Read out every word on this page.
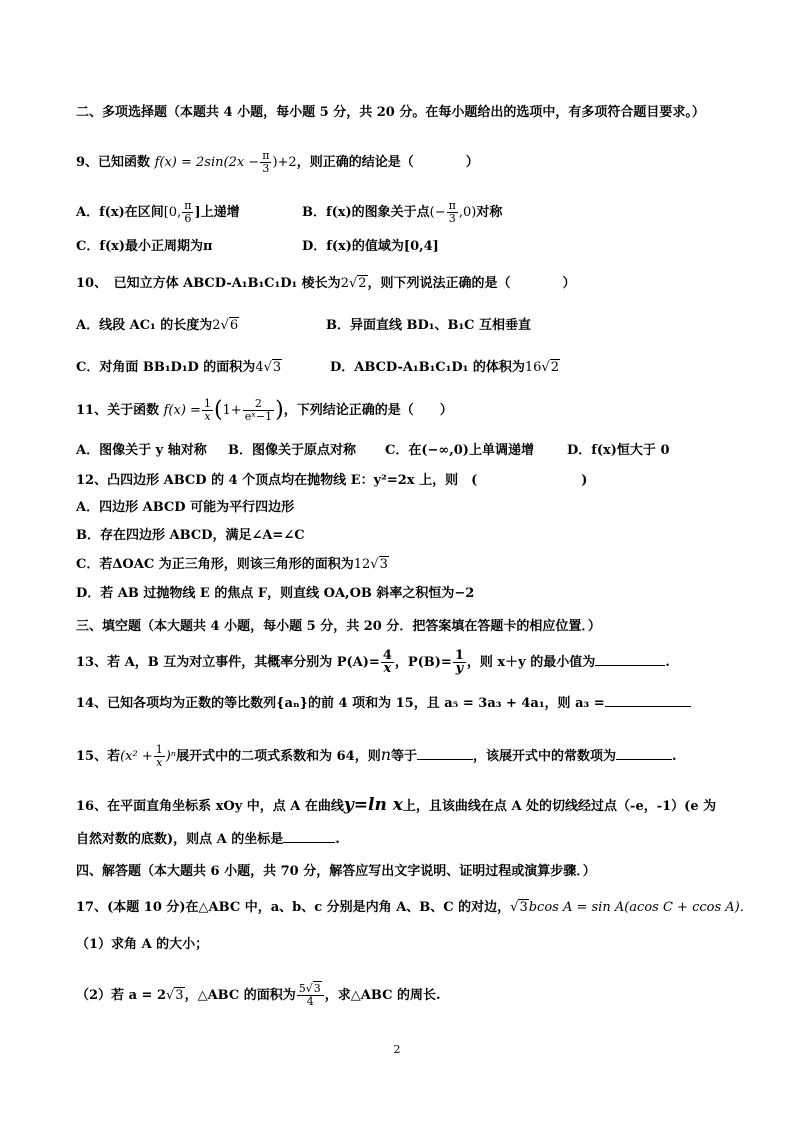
二、多项选择题（本题共 4 小题，每小题 5 分，共 20 分。在每小题给出的选项中，有多项符合题目要求。）
9、已知函数 $f(x) = 2\sin(2x - \frac{\pi}{3} )+2$，则正确的结论是（　　　　）
A．f(x)在区间[0, $\frac{\pi}{6}$ ]上递增	B．f(x)的图象关于点(− $\frac{\pi}{3} ,0$)对称
C．f(x)最小正周期为π	D．f(x)的值域为[0,4]
10、　已知立方体 ABCD-A₁B₁C₁D₁ 棱长为2√2，则下列说法正确的是（　　　　）
A．线段 AC₁ 的长度为2√6	B．异面直线 BD₁、B₁C 互相垂直
C．对角面 BB₁D₁D 的面积为4√3	D．ABCD-A₁B₁C₁D₁ 的体积为16√2
11、关于函数 $f(x) = \frac{1}{x} (1+ \frac{2}{\text{eˣ−1}}$ )，下列结论正确的是（　　）
A．图像关于 y 轴对称 B．图像关于原点对称 C．在(−∞,0)上单调递增	D．f(x)恒大于 0
12、凸四边形 ABCD 的 4 个顶点均在抛物线 E：y²=2x 上，则　(　　　　　　　　)
A．四边形 ABCD 可能为平行四边形
B．存在四边形 ABCD，满足∠A=∠C
C．若ΔOAC 为正三角形，则该三角形的面积为12√3
D．若 AB 过抛物线 E 的焦点 F，则直线 OA,OB 斜率之积恒为−2
三、填空题（本大题共 4 小题，每小题 5 分，共 20 分．把答案填在答题卡的相应位置．）
13、若 A，B 互为对立事件，其概率分别为 $P(A)= \frac{4}{x}$ ，$P(B)= \frac{1}{y}$ ，则 x＋y 的最小值为	.
14、已知各项均为正数的等比数列{aₙ}的前 4 项和为 15，且 a₅ = 3a₃ + 4a₁，则 a₃ =
15、若$(x^2 + \frac{1}{x} )^n$展开式中的二项式系数和为 64，则n等于	，该展开式中的常数项为	.
16、在平面直角坐标系 xOy 中，点 A 在曲线y=ln x上，且该曲线在点 A 处的切线经过点（-e，-1）(e 为
自然对数的底数)，则点 A 的坐标是	.
四、解答题（本大题共 6 小题，共 70 分，解答应写出文字说明、证明过程或演算步骤．）
17、(本题 10 分)在△ABC 中，a、b、c 分别是内角 A、B、C 的对边，√3bcos A = sin A(acos C + ccos A)．
（1）求角 A 的大小；
（2）若 a = 2√3，△ABC 的面积为 $\frac{5√3}{4}$ ，求△ABC 的周长.
2
